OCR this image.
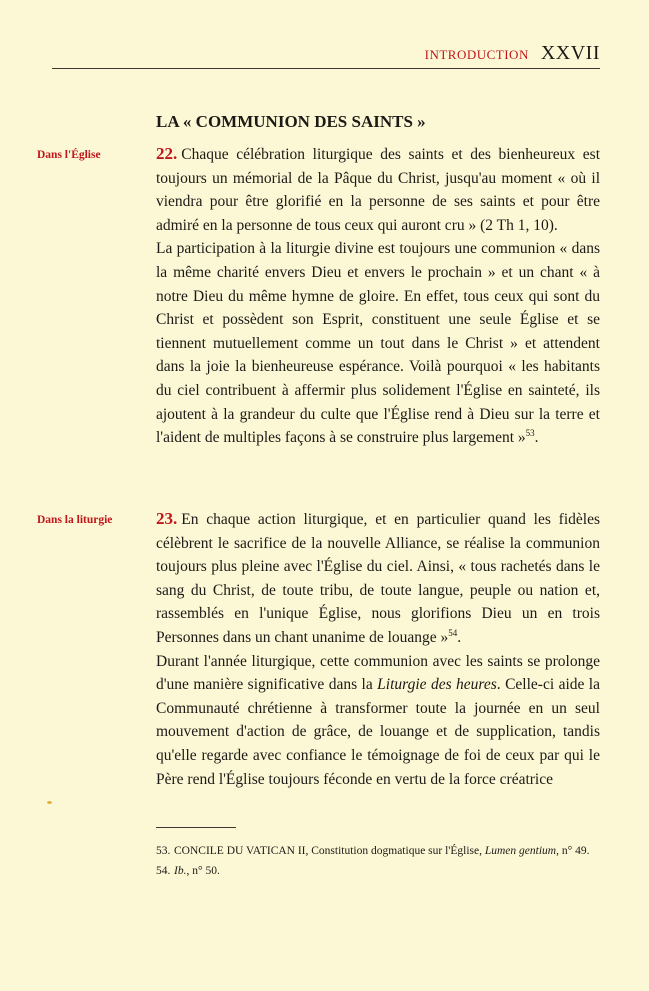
INTRODUCTION XXVII
LA « COMMUNION DES SAINTS »
Dans l'Église	22. Chaque célébration liturgique des saints et des bienheureux est toujours un mémorial de la Pâque du Christ, jusqu'au moment « où il viendra pour être glorifié en la personne de ses saints et pour être admiré en la personne de tous ceux qui auront cru » (2 Th 1, 10).

La participation à la liturgie divine est toujours une communion « dans la même charité envers Dieu et envers le prochain » et un chant « à notre Dieu du même hymne de gloire. En effet, tous ceux qui sont du Christ et possèdent son Esprit, constituent une seule Église et se tiennent mutuellement comme un tout dans le Christ » et attendent dans la joie la bienheureuse espérance. Voilà pourquoi « les habitants du ciel contribuent à affermir plus solidement l'Église en sainteté, ils ajoutent à la grandeur du culte que l'Église rend à Dieu sur la terre et l'aident de multiples façons à se construire plus largement »$^{53}$.

Dans la liturgie	23. En chaque action liturgique, et en particulier quand les fidèles célèbrent le sacrifice de la nouvelle Alliance, se réalise la communion toujours plus pleine avec l'Église du ciel. Ainsi, « tous rachetés dans le sang du Christ, de toute tribu, de toute langue, peuple ou nation et, rassemblés en l'unique Église, nous glorifions Dieu un en trois Personnes dans un chant unanime de louange »$^{54}$.

Durant l'année liturgique, cette communion avec les saints se prolonge d'une manière significative dans la Liturgie des heures. Celle-ci aide la Communauté chrétienne à transformer toute la journée en un seul mouvement d'action de grâce, de louange et de supplication, tandis qu'elle regarde avec confiance le témoignage de foi de ceux par qui le Père rend l'Église toujours féconde en vertu de la force créatrice

53. CONCILE DU VATICAN II, Constitution dogmatique sur l'Église, Lumen gentium, n° 49.
54. Ib., n° 50.
